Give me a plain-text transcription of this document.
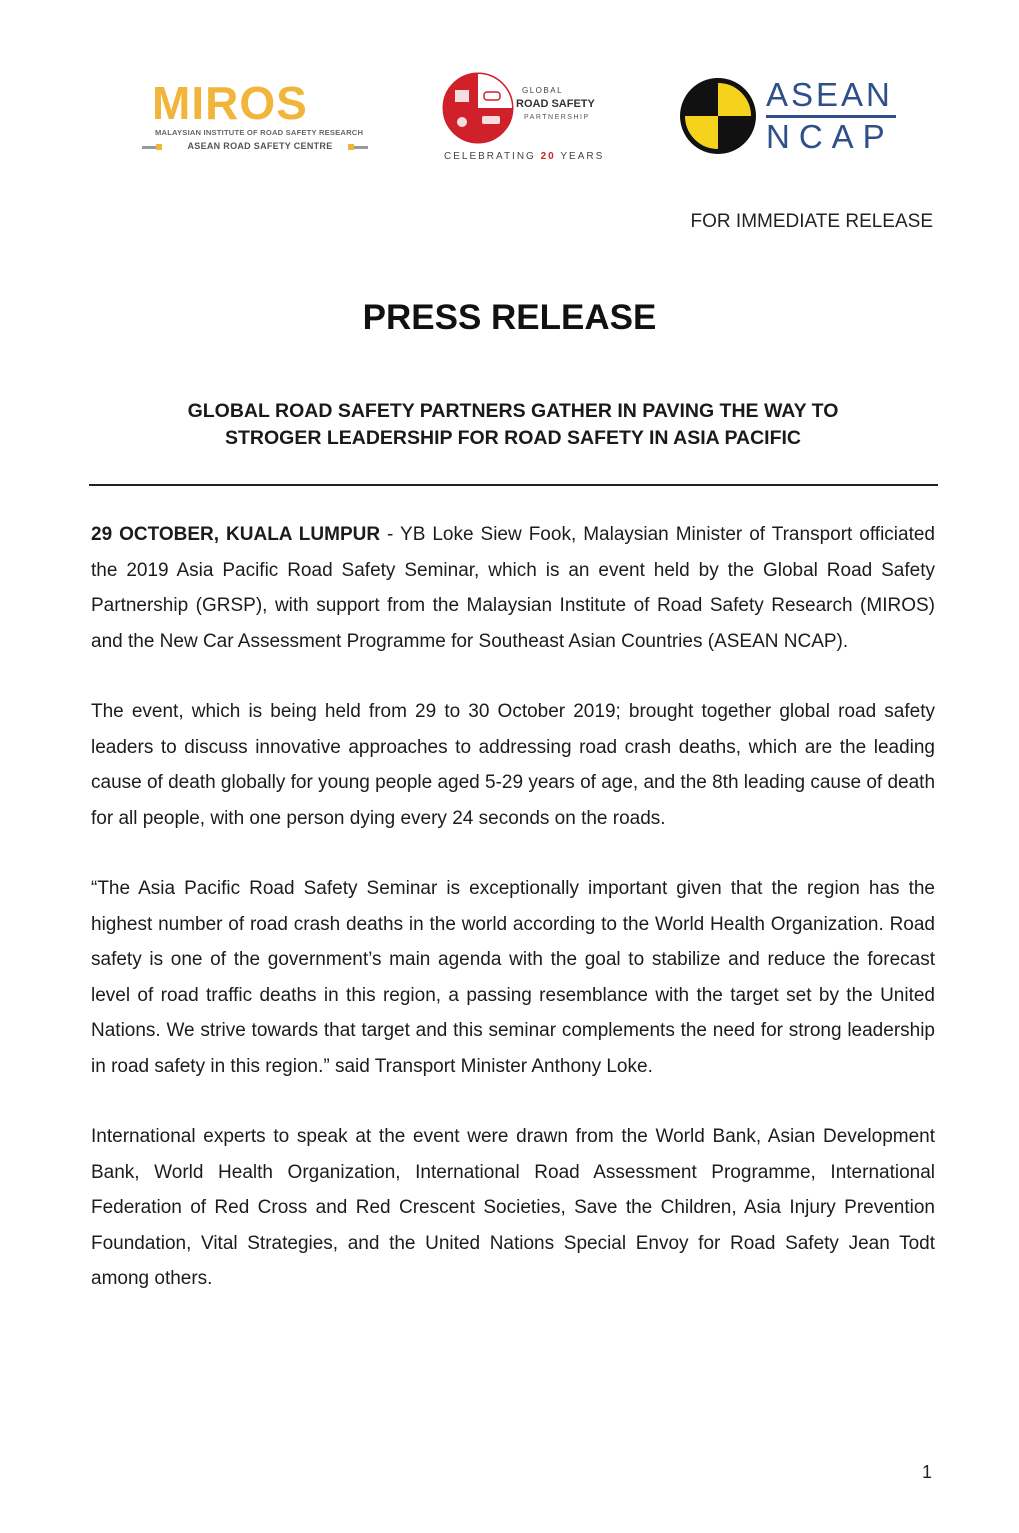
MIROS
MALAYSIAN INSTITUTE OF ROAD SAFETY RESEARCH
ASEAN ROAD SAFETY CENTRE
GLOBAL
ROAD SAFETY
PARTNERSHIP
CELEBRATING 20 YEARS
ASEAN
NCAP
FOR IMMEDIATE RELEASE
PRESS RELEASE
GLOBAL ROAD SAFETY PARTNERS GATHER IN PAVING THE WAY TO
STROGER LEADERSHIP FOR ROAD SAFETY IN ASIA PACIFIC

29 OCTOBER, KUALA LUMPUR - YB Loke Siew Fook, Malaysian Minister of Transport officiated the 2019 Asia Pacific Road Safety Seminar, which is an event held by the Global Road Safety Partnership (GRSP), with support from the Malaysian Institute of Road Safety Research (MIROS) and the New Car Assessment Programme for Southeast Asian Countries (ASEAN NCAP).

The event, which is being held from 29 to 30 October 2019; brought together global road safety leaders to discuss innovative approaches to addressing road crash deaths, which are the leading cause of death globally for young people aged 5-29 years of age, and the 8th leading cause of death for all people, with one person dying every 24 seconds on the roads.

“The Asia Pacific Road Safety Seminar is exceptionally important given that the region has the highest number of road crash deaths in the world according to the World Health Organization. Road safety is one of the government’s main agenda with the goal to stabilize and reduce the forecast level of road traffic deaths in this region, a passing resemblance with the target set by the United Nations. We strive towards that target and this seminar complements the need for strong leadership in road safety in this region.” said Transport Minister Anthony Loke.

International experts to speak at the event were drawn from the World Bank, Asian Development Bank, World Health Organization, International Road Assessment Programme, International Federation of Red Cross and Red Crescent Societies, Save the Children, Asia Injury Prevention Foundation, Vital Strategies, and the United Nations Special Envoy for Road Safety Jean Todt among others.

1
